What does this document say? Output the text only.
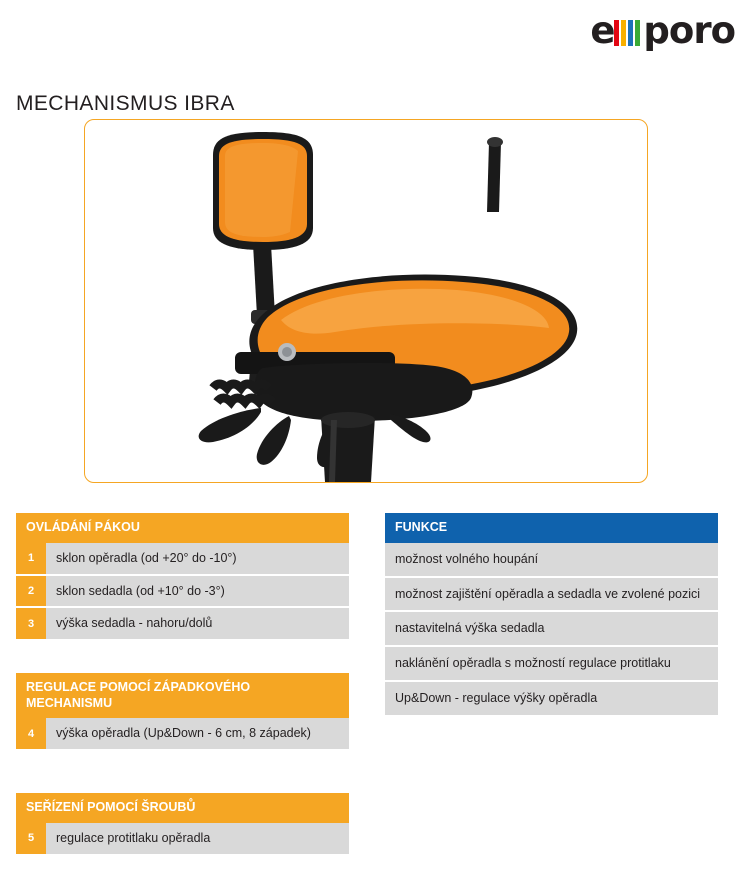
e poro
MECHANISMUS IBRA
OVLÁDÁNÍ PÁKOU
1	sklon opěradla (od +20° do -10°)
2	sklon sedadla (od +10° do -3°)
3	výška sedadla - nahoru/dolů
REGULACE POMOCÍ ZÁPADKOVÉHO MECHANISMU
4	výška opěradla (Up&Down - 6 cm, 8 západek)
SEŘÍZENÍ POMOCÍ ŠROUBŮ
5	regulace protitlaku opěradla
FUNKCE
možnost volného houpání
možnost zajištění opěradla a sedadla ve zvolené pozici
nastavitelná výška sedadla
naklánění opěradla s možností regulace protitlaku
Up&Down - regulace výšky opěradla
